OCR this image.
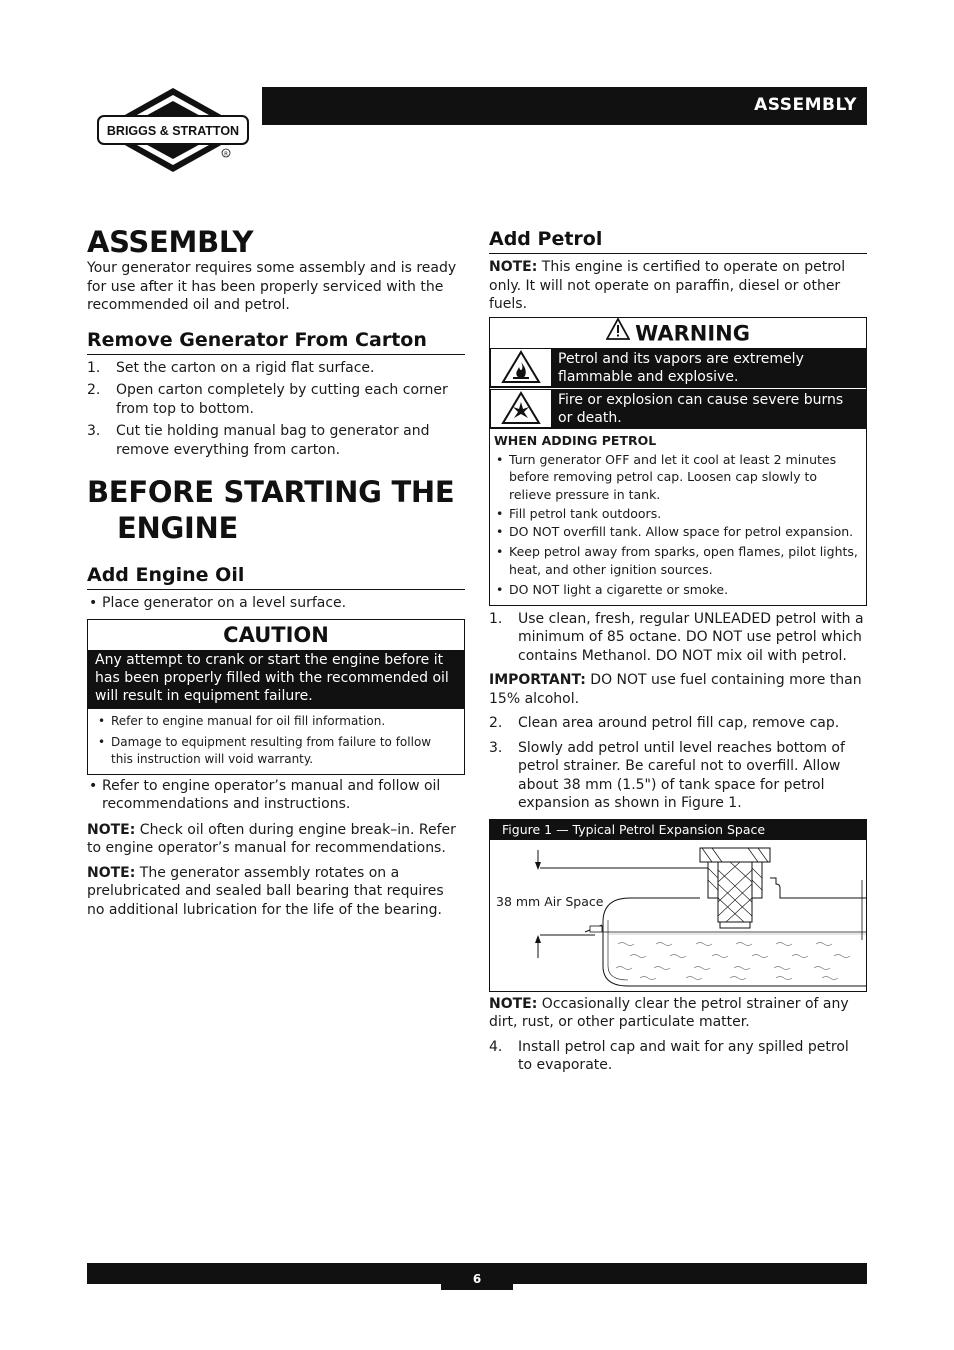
BRIGGS & STRATTON
R
ASSEMBLY
ASSEMBLY

Your generator requires some assembly and is ready for use after it has been properly serviced with the recommended oil and petrol.

Remove Generator From Carton
1. Set the carton on a rigid flat surface.
2. Open carton completely by cutting each corner from top to bottom.
3. Cut tie holding manual bag to generator and remove everything from carton.
BEFORE STARTING THE
ENGINE
Add Engine Oil
• Place generator on a level surface.
CAUTION
Any attempt to crank or start the engine before it has been properly filled with the recommended oil will result in equipment failure.
• Refer to engine manual for oil fill information.
• Damage to equipment resulting from failure to follow this instruction will void warranty.
• Refer to engine operator’s manual and follow oil recommendations and instructions.

NOTE: Check oil often during engine break–in. Refer to engine operator’s manual for recommendations.

NOTE: The generator assembly rotates on a prelubricated and sealed ball bearing that requires no additional lubrication for the life of the bearing.

Add Petrol

NOTE: This engine is certified to operate on petrol only. It will not operate on paraffin, diesel or other fuels.

WARNING
Petrol and its vapors are extremely flammable and explosive.
Fire or explosion can cause severe burns or death.
WHEN ADDING PETROL
• Turn generator OFF and let it cool at least 2 minutes before removing petrol cap. Loosen cap slowly to relieve pressure in tank.
• Fill petrol tank outdoors.
• DO NOT overfill tank. Allow space for petrol expansion.
• Keep petrol away from sparks, open flames, pilot lights, heat, and other ignition sources.
• DO NOT light a cigarette or smoke.
1. Use clean, fresh, regular UNLEADED petrol with a minimum of 85 octane. DO NOT use petrol which contains Methanol. DO NOT mix oil with petrol.

IMPORTANT: DO NOT use fuel containing more than 15% alcohol.

2. Clean area around petrol fill cap, remove cap.
3. Slowly add petrol until level reaches bottom of petrol strainer. Be careful not to overfill. Allow about 38 mm (1.5") of tank space for petrol expansion as shown in Figure 1.
Figure 1 — Typical Petrol Expansion Space
38 mm Air Space

NOTE: Occasionally clear the petrol strainer of any dirt, rust, or other particulate matter.

4. Install petrol cap and wait for any spilled petrol to evaporate.
6
